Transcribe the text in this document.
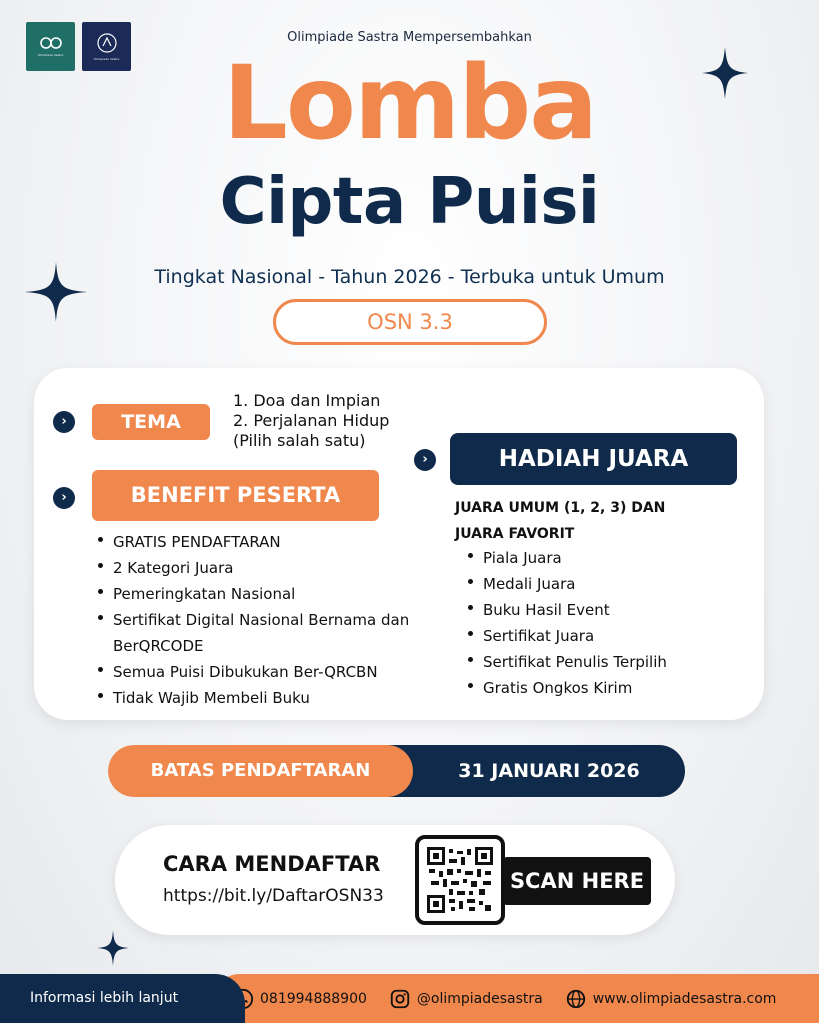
Olimpiade Sastra
Olimpiade Sastra
Olimpiade Sastra Mempersembahkan
Lomba
Cipta Puisi
Tingkat Nasional - Tahun 2026 - Terbuka untuk Umum
OSN 3.3
›	TEMA
1. Doa dan Impian
2. Perjalanan Hidup
(Pilih salah satu)
›	BENEFIT PESERTA
GRATIS PENDAFTARAN
2 Kategori Juara
Pemeringkatan Nasional
Sertifikat Digital Nasional Bernama dan BerQRCODE
Semua Puisi Dibukukan Ber-QRCBN
Tidak Wajib Membeli Buku
›	HADIAH JUARA
JUARA UMUM (1, 2, 3) DAN
JUARA FAVORIT
Piala Juara
Medali Juara
Buku Hasil Event
Sertifikat Juara
Sertifikat Penulis Terpilih
Gratis Ongkos Kirim
BATAS PENDAFTARAN	31 JANUARI 2026
CARA MENDAFTAR
https://bit.ly/DaftarOSN33
SCAN HERE
081994888900	@olimpiadesastra	www.olimpiadesastra.com
Informasi lebih lanjut
